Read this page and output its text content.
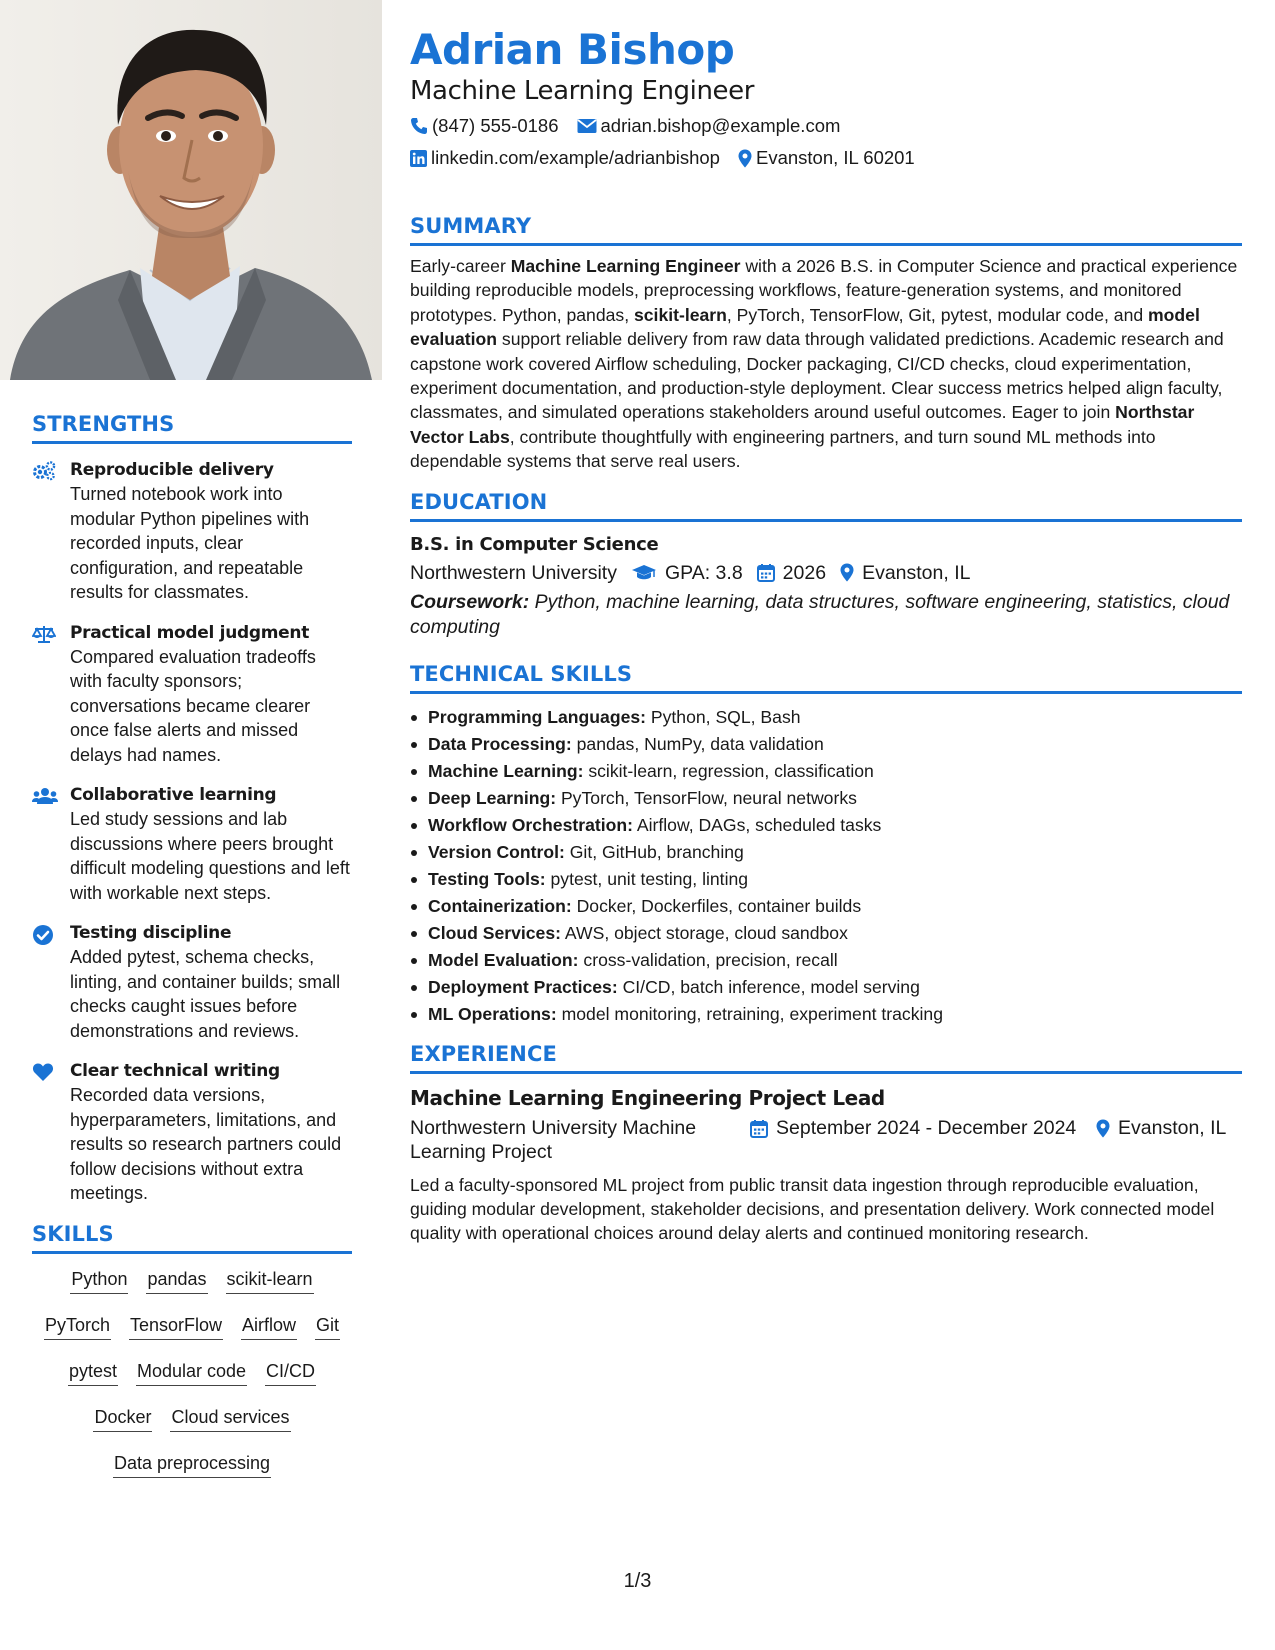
STRENGTHS
Reproducible delivery
Turned notebook work into modular Python pipelines with recorded inputs, clear configuration, and repeatable results for classmates.
Practical model judgment
Compared evaluation tradeoffs with faculty sponsors; conversations became clearer once false alerts and missed delays had names.
Collaborative learning
Led study sessions and lab discussions where peers brought difficult modeling questions and left with workable next steps.
Testing discipline
Added pytest, schema checks, linting, and container builds; small checks caught issues before demonstrations and reviews.
Clear technical writing
Recorded data versions, hyperparameters, limitations, and results so research partners could follow decisions without extra meetings.
SKILLS
Python pandas scikit-learn
PyTorch TensorFlow Airflow Git
pytest Modular code CI/CD
Docker Cloud services
Data preprocessing
Adrian Bishop
Machine Learning Engineer
(847) 555-0186 adrian.bishop@example.com
linkedin.com/example/adrianbishop Evanston, IL 60201
SUMMARY
Early-career Machine Learning Engineer with a 2026 B.S. in Computer Science and practical experience building reproducible models, preprocessing workflows, feature-generation systems, and monitored prototypes. Python, pandas, scikit-learn, PyTorch, TensorFlow, Git, pytest, modular code, and model evaluation support reliable delivery from raw data through validated predictions. Academic research and capstone work covered Airflow scheduling, Docker packaging, CI/CD checks, cloud experimentation, experiment documentation, and production-style deployment. Clear success metrics helped align faculty, classmates, and simulated operations stakeholders around useful outcomes. Eager to join Northstar Vector Labs, contribute thoughtfully with engineering partners, and turn sound ML methods into dependable systems that serve real users.
EDUCATION
B.S. in Computer Science
Northwestern University GPA: 3.8 2026 Evanston, IL
Coursework: Python, machine learning, data structures, software engineering, statistics, cloud computing
TECHNICAL SKILLS
Programming Languages: Python, SQL, Bash
Data Processing: pandas, NumPy, data validation
Machine Learning: scikit-learn, regression, classification
Deep Learning: PyTorch, TensorFlow, neural networks
Workflow Orchestration: Airflow, DAGs, scheduled tasks
Version Control: Git, GitHub, branching
Testing Tools: pytest, unit testing, linting
Containerization: Docker, Dockerfiles, container builds
Cloud Services: AWS, object storage, cloud sandbox
Model Evaluation: cross-validation, precision, recall
Deployment Practices: CI/CD, batch inference, model serving
ML Operations: model monitoring, retraining, experiment tracking
EXPERIENCE
Machine Learning Engineering Project Lead
Northwestern University Machine Learning Project
September 2024 - December 2024 Evanston, IL
Led a faculty-sponsored ML project from public transit data ingestion through reproducible evaluation, guiding modular development, stakeholder decisions, and presentation delivery. Work connected model quality with operational choices around delay alerts and continued monitoring research.
1/3
